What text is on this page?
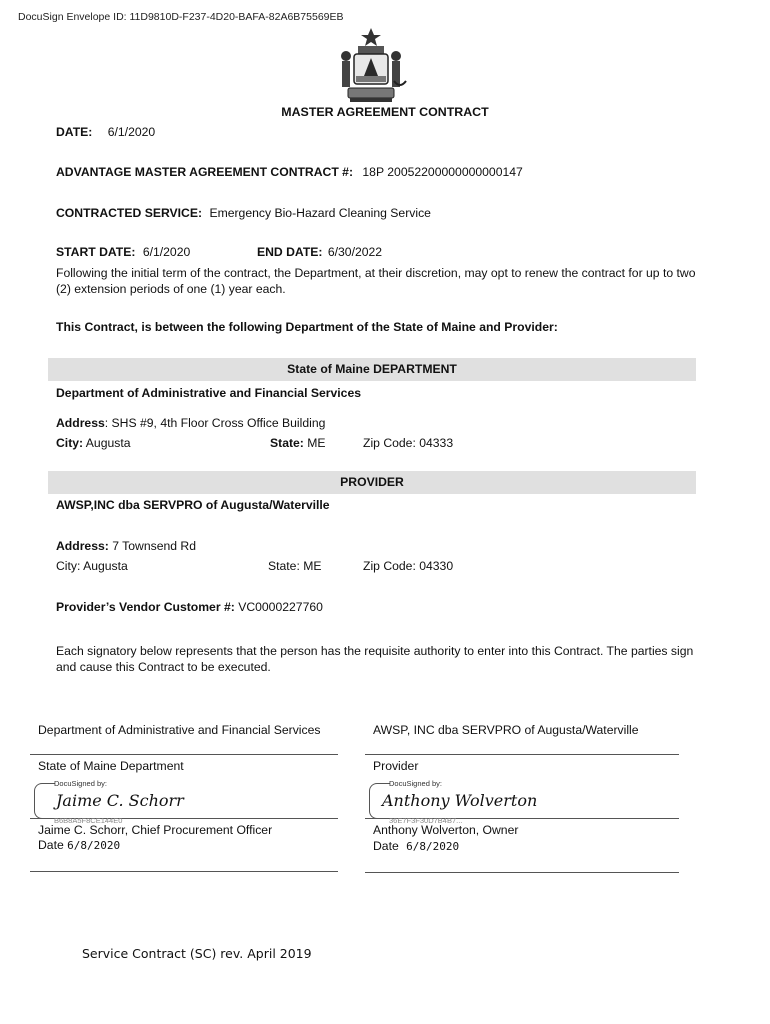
DocuSign Envelope ID: 11D9810D-F237-4D20-BAFA-82A6B75569EB
MASTER AGREEMENT CONTRACT
DATE: 6/1/2020
ADVANTAGE MASTER AGREEMENT CONTRACT #: 18P 20052200000000000147
CONTRACTED SERVICE: Emergency Bio-Hazard Cleaning Service
START DATE: 6/1/2020	END DATE: 6/30/2022
Following the initial term of the contract, the Department, at their discretion, may opt to renew the contract for up to two (2) extension periods of one (1) year each.
This Contract, is between the following Department of the State of Maine and Provider:
State of Maine DEPARTMENT
Department of Administrative and Financial Services
Address: SHS #9, 4th Floor Cross Office Building
City: Augusta	State: ME	Zip Code: 04333
PROVIDER
AWSP,INC dba SERVPRO of Augusta/Waterville
Address: 7 Townsend Rd
City: Augusta	State: ME	Zip Code: 04330
Provider’s Vendor Customer #: VC0000227760
Each signatory below represents that the person has the requisite authority to enter into this Contract. The parties sign and cause this Contract to be executed.
Department of Administrative and Financial Services
State of Maine Department
DocuSigned by:
Jaime C. Schorr
B6B8A5F8CE144E0
Jaime C. Schorr, Chief Procurement Officer
Date 6/8/2020
AWSP, INC dba SERVPRO of Augusta/Waterville
Provider
DocuSigned by:
Anthony Wolverton
36E7F3F30D7B4B7...
Anthony Wolverton, Owner
Date 6/8/2020
Service Contract (SC) rev. April 2019
